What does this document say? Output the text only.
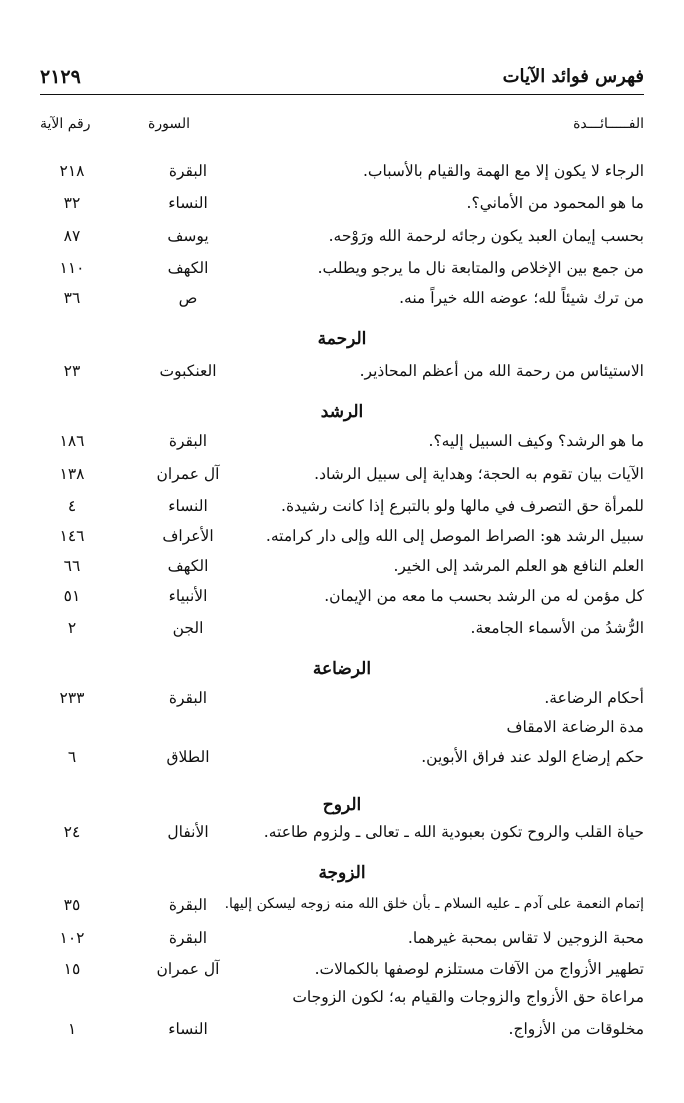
فهرس فوائد الآيات
٢١٢٩
الفـــــائـــدة
السورة
رقم الآية
الرجاء لا يكون إلا مع الهمة والقيام بالأسباب.
البقرة
٢١٨
ما هو المحمود من الأماني؟.
النساء
٣٢
بحسب إيمان العبد يكون رجائه لرحمة الله ورَوْحه.
يوسف
٨٧
من جمع بين الإخلاص والمتابعة نال ما يرجو ويطلب.
الكهف
١١٠
من ترك شيئاً لله؛ عوضه الله خيراً منه.
ص
٣٦
الرحمة
الاستيئاس من رحمة الله من أعظم المحاذير.
العنكبوت
٢٣
الرشد
ما هو الرشد؟ وكيف السبيل إليه؟.
البقرة
١٨٦
الآيات بيان تقوم به الحجة؛ وهداية إلى سبيل الرشاد.
آل عمران
١٣٨
للمرأة حق التصرف في مالها ولو بالتبرع إذا كانت رشيدة.
النساء
٤
سبيل الرشد هو: الصراط الموصل إلى الله وإلى دار كرامته.
الأعراف
١٤٦
العلم النافع هو العلم المرشد إلى الخير.
الكهف
٦٦
كل مؤمن له من الرشد بحسب ما معه من الإيمان.
الأنبياء
٥١
الرُّشدُ من الأسماء الجامعة.
الجن
٢
الرضاعة
أحكام الرضاعة.
البقرة
٢٣٣
مدة الرضاعة الامقاف
حكم إرضاع الولد عند فراق الأبوين.
الطلاق
٦
الروح
حياة القلب والروح تكون بعبودية الله ـ تعالى ـ ولزوم طاعته.
الأنفال
٢٤
الزوجة
إتمام النعمة على آدم ـ عليه السلام ـ بأن خلق الله منه زوجه ليسكن إليها.
البقرة
٣٥
محبة الزوجين لا تقاس بمحبة غيرهما.
البقرة
١٠٢
تطهير الأزواج من الآفات مستلزم لوصفها بالكمالات.
آل عمران
١٥
مراعاة حق الأزواج والزوجات والقيام به؛ لكون الزوجات
مخلوقات من الأزواج.
النساء
١
